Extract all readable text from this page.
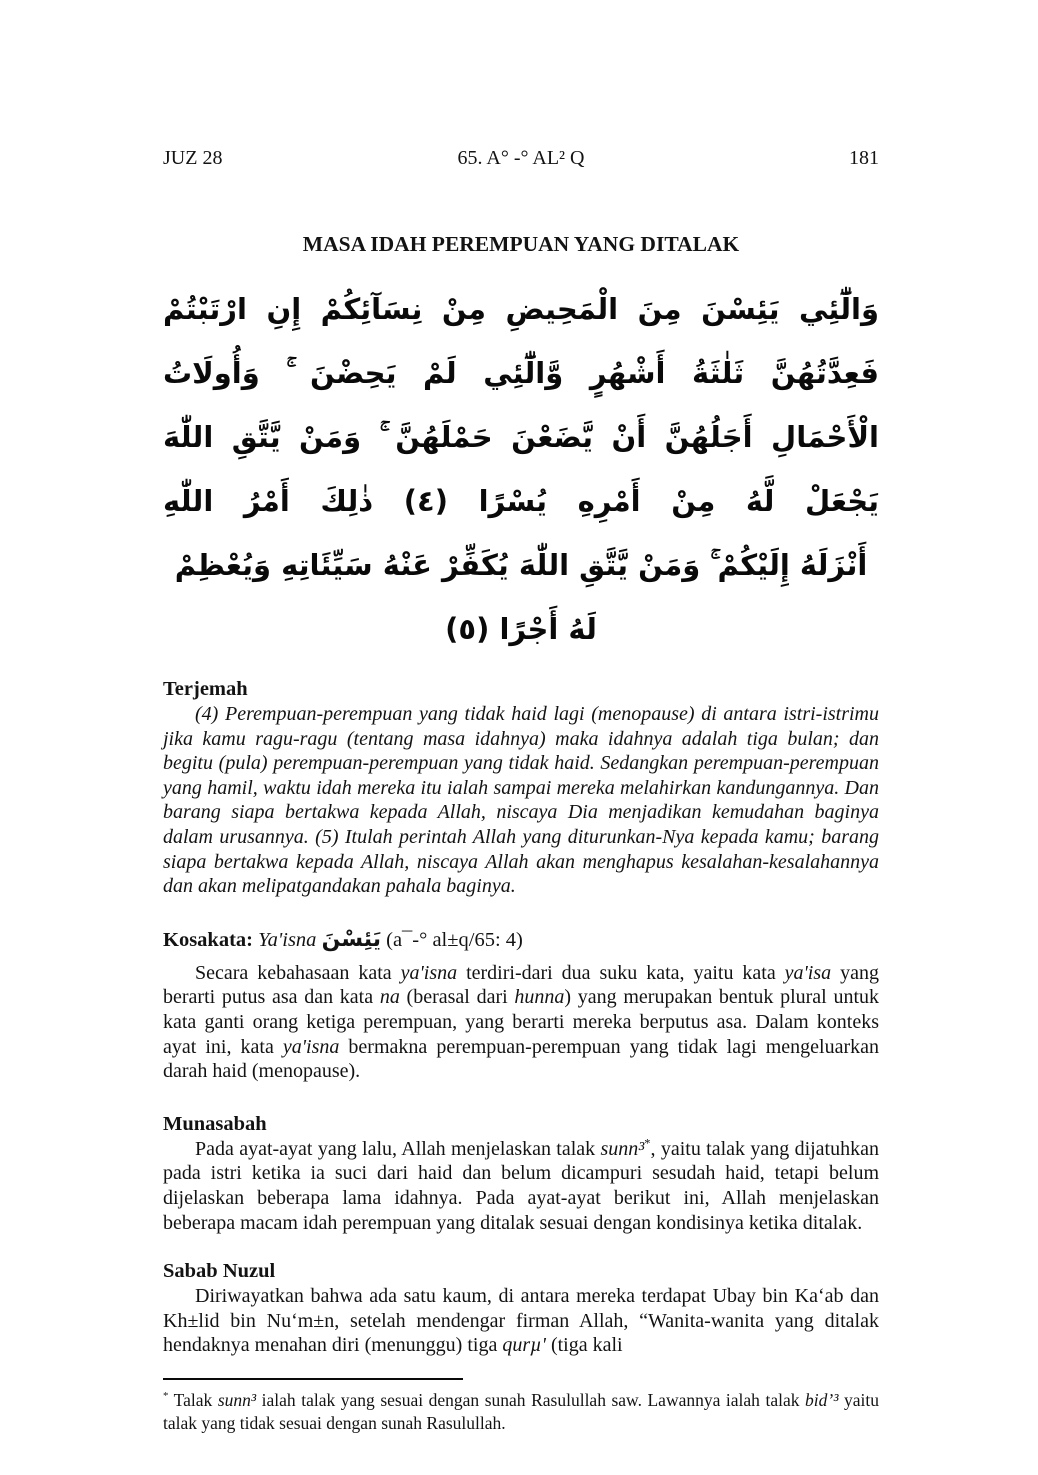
JUZ 28	65. A° -° AL² Q	181
MASA IDAH PEREMPUAN YANG DITALAK
وَالّٰٓئِي يَئِسْنَ مِنَ الْمَحِيضِ مِنْ نِسَآئِكُمْ إِنِ ارْتَبْتُمْ فَعِدَّتُهُنَّ ثَلٰثَةُ أَشْهُرٍ وَّالّٰٓئِي لَمْ يَحِضْنَ ۚ وَأُولَاتُ
الْأَحْمَالِ أَجَلُهُنَّ أَنْ يَّضَعْنَ حَمْلَهُنَّ ۚ وَمَنْ يَّتَّقِ اللّٰهَ يَجْعَلْ لَّهُ مِنْ أَمْرِهِ يُسْرًا (٤) ذٰلِكَ أَمْرُ اللّٰهِ
أَنْزَلَهُ إِلَيْكُمْ ۚ وَمَنْ يَّتَّقِ اللّٰهَ يُكَفِّرْ عَنْهُ سَيِّئَاتِهِ وَيُعْظِمْ لَهُ أَجْرًا (٥)
Terjemah

(4) Perempuan-perempuan yang tidak haid lagi (menopause) di antara istri-istrimu jika kamu ragu-ragu (tentang masa idahnya) maka idahnya adalah tiga bulan; dan begitu (pula) perempuan-perempuan yang tidak haid. Sedangkan perempuan-perempuan yang hamil, waktu idah mereka itu ialah sampai mereka melahirkan kandungannya. Dan barang siapa bertakwa kepada Allah, niscaya Dia menjadikan kemudahan baginya dalam urusannya. (5) Itulah perintah Allah yang diturunkan-Nya kepada kamu; barang siapa bertakwa kepada Allah, niscaya Allah akan menghapus kesalahan-kesalahannya dan akan melipatgandakan pahala baginya.

Kosakata: Ya'isna يَئِسْنَ (a¯-° al±q/65: 4)

Secara kebahasaan kata ya'isna terdiri-dari dua suku kata, yaitu kata ya'isa yang berarti putus asa dan kata na (berasal dari hunna) yang merupakan bentuk plural untuk kata ganti orang ketiga perempuan, yang berarti mereka berputus asa. Dalam konteks ayat ini, kata ya'isna bermakna perempuan-perempuan yang tidak lagi mengeluarkan darah haid (menopause).

Munasabah

Pada ayat-ayat yang lalu, Allah menjelaskan talak sunn³*, yaitu talak yang dijatuhkan pada istri ketika ia suci dari haid dan belum dicampuri sesudah haid, tetapi belum dijelaskan beberapa lama idahnya. Pada ayat-ayat berikut ini, Allah menjelaskan beberapa macam idah perempuan yang ditalak sesuai dengan kondisinya ketika ditalak.

Sabab Nuzul

Diriwayatkan bahwa ada satu kaum, di antara mereka terdapat Ubay bin Ka‘ab dan Kh±lid bin Nu‘m±n, setelah mendengar firman Allah, “Wanita-wanita yang ditalak hendaknya menahan diri (menunggu) tiga qurµ' (tiga kali

* Talak sunn³ ialah talak yang sesuai dengan sunah Rasulullah saw. Lawannya ialah talak bid’³ yaitu talak yang tidak sesuai dengan sunah Rasulullah.
